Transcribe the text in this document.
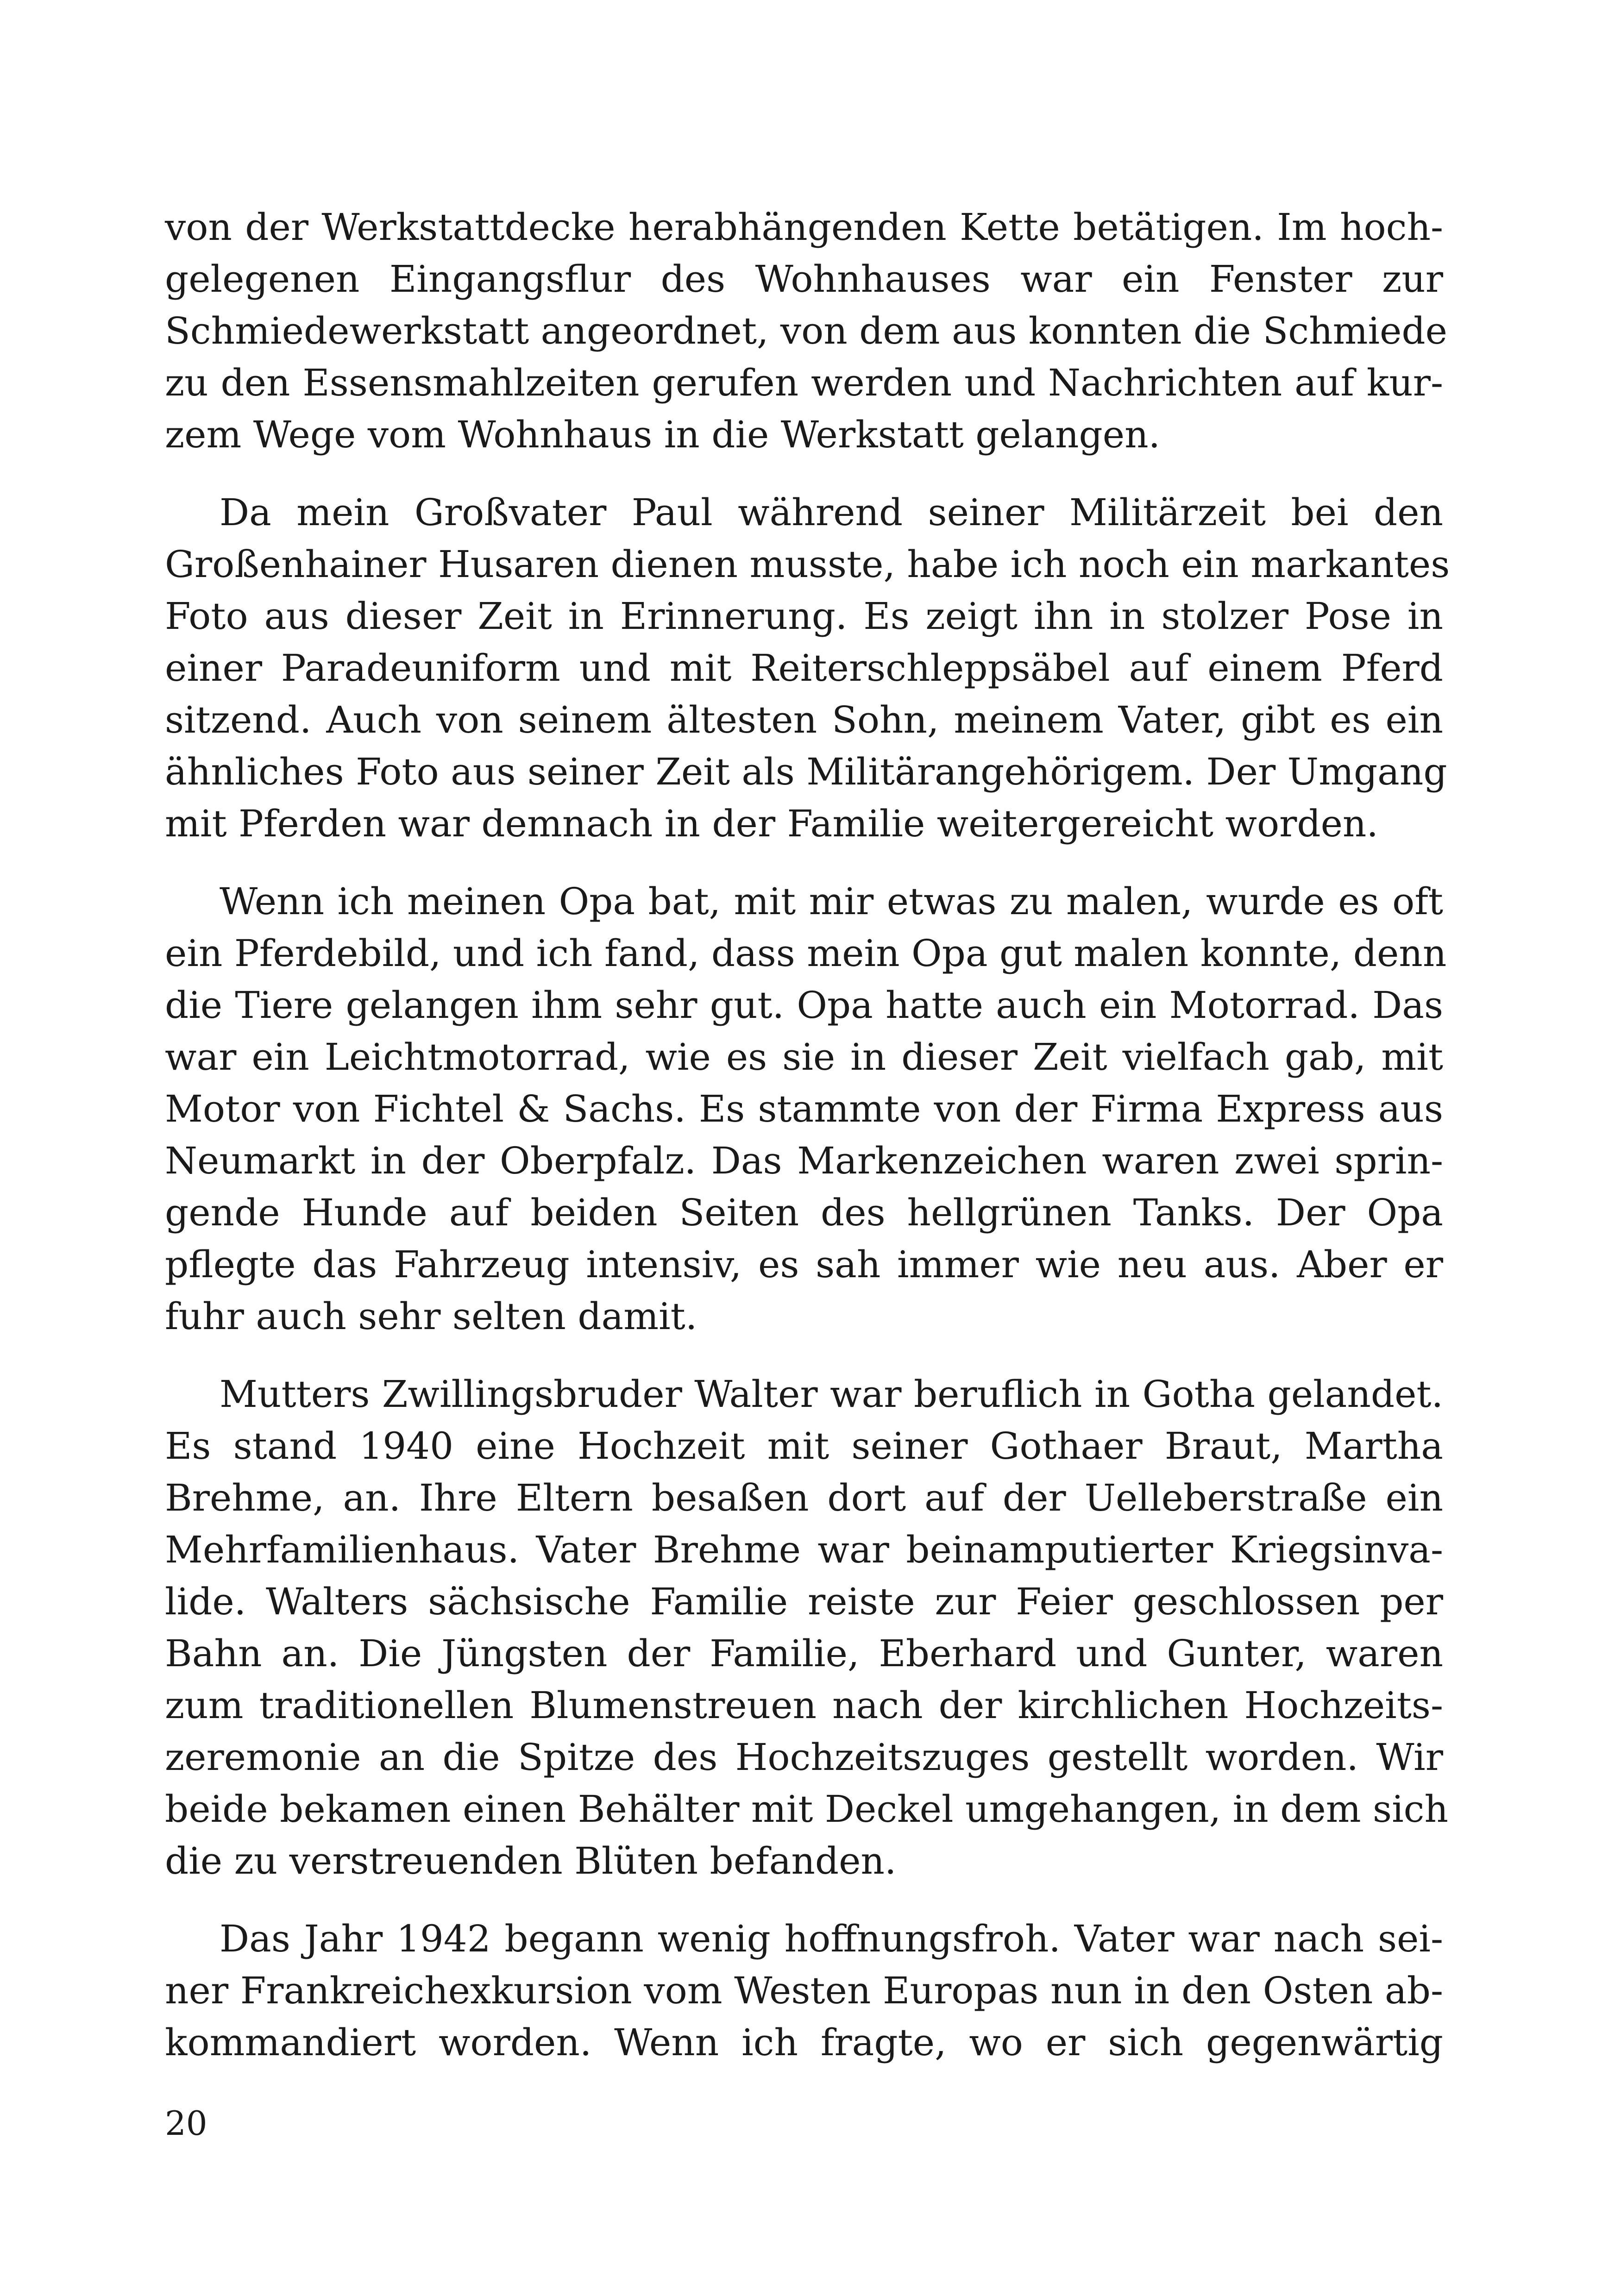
von der Werkstattdecke herabhängenden Kette betätigen. Im hoch-
gelegenen Eingangsflur des Wohnhauses war ein Fenster zur
Schmiedewerkstatt angeordnet, von dem aus konnten die Schmiede
zu den Essensmahlzeiten gerufen werden und Nachrichten auf kur-
zem Wege vom Wohnhaus in die Werkstatt gelangen.

Da mein Großvater Paul während seiner Militärzeit bei den
Großenhainer Husaren dienen musste, habe ich noch ein markantes
Foto aus dieser Zeit in Erinnerung. Es zeigt ihn in stolzer Pose in
einer Paradeuniform und mit Reiterschleppsäbel auf einem Pferd
sitzend. Auch von seinem ältesten Sohn, meinem Vater, gibt es ein
ähnliches Foto aus seiner Zeit als Militärangehörigem. Der Umgang
mit Pferden war demnach in der Familie weitergereicht worden.

Wenn ich meinen Opa bat, mit mir etwas zu malen, wurde es oft
ein Pferdebild, und ich fand, dass mein Opa gut malen konnte, denn
die Tiere gelangen ihm sehr gut. Opa hatte auch ein Motorrad. Das
war ein Leichtmotorrad, wie es sie in dieser Zeit vielfach gab, mit
Motor von Fichtel & Sachs. Es stammte von der Firma Express aus
Neumarkt in der Oberpfalz. Das Markenzeichen waren zwei sprin-
gende Hunde auf beiden Seiten des hellgrünen Tanks. Der Opa
pflegte das Fahrzeug intensiv, es sah immer wie neu aus. Aber er
fuhr auch sehr selten damit.

Mutters Zwillingsbruder Walter war beruflich in Gotha gelandet.
Es stand 1940 eine Hochzeit mit seiner Gothaer Braut, Martha
Brehme, an. Ihre Eltern besaßen dort auf der Uelleberstraße ein
Mehrfamilienhaus. Vater Brehme war beinamputierter Kriegsinva-
lide. Walters sächsische Familie reiste zur Feier geschlossen per
Bahn an. Die Jüngsten der Familie, Eberhard und Gunter, waren
zum traditionellen Blumenstreuen nach der kirchlichen Hochzeits-
zeremonie an die Spitze des Hochzeitszuges gestellt worden. Wir
beide bekamen einen Behälter mit Deckel umgehangen, in dem sich
die zu verstreuenden Blüten befanden.

Das Jahr 1942 begann wenig hoffnungsfroh. Vater war nach sei-
ner Frankreichexkursion vom Westen Europas nun in den Osten ab-
kommandiert worden. Wenn ich fragte, wo er sich gegenwärtig

20
